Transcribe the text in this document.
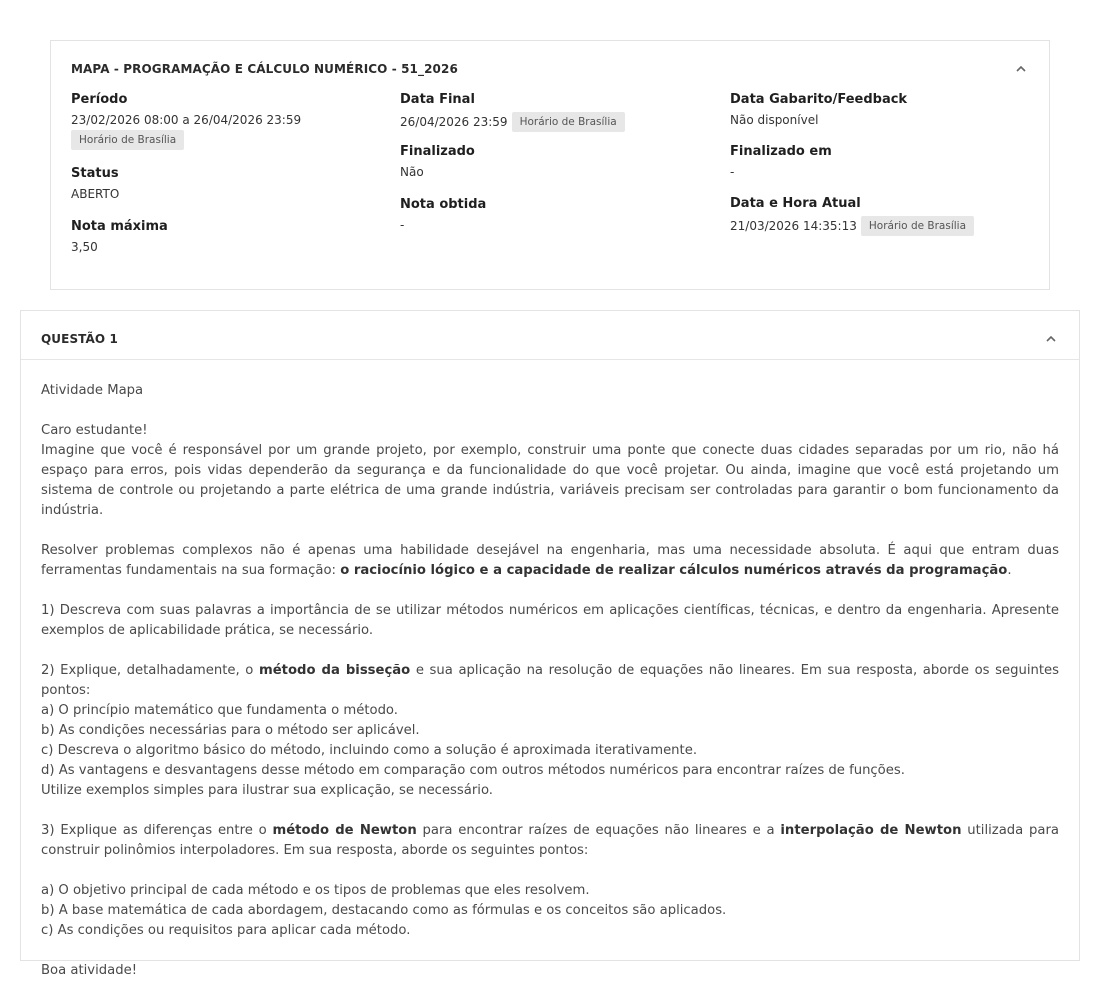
MAPA - PROGRAMAÇÃO E CÁLCULO NUMÉRICO - 51_2026
Período
23/02/2026 08:00 a 26/04/2026 23:59
Horário de Brasília
Status
ABERTO
Nota máxima
3,50
Data Final
26/04/2026 23:59	Horário de Brasília
Finalizado
Não
Nota obtida
-
Data Gabarito/Feedback
Não disponível
Finalizado em
-
Data e Hora Atual
21/03/2026 14:35:13	Horário de Brasília
QUESTÃO 1

Atividade Mapa

Caro estudante!

Imagine que você é responsável por um grande projeto, por exemplo, construir uma ponte que conecte duas cidades separadas por um rio, não há espaço para erros, pois vidas dependerão da segurança e da funcionalidade do que você projetar. Ou ainda, imagine que você está projetando um sistema de controle ou projetando a parte elétrica de uma grande indústria, variáveis precisam ser controladas para garantir o bom funcionamento da indústria.

Resolver problemas complexos não é apenas uma habilidade desejável na engenharia, mas uma necessidade absoluta. É aqui que entram duas ferramentas fundamentais na sua formação: o raciocínio lógico e a capacidade de realizar cálculos numéricos através da programação.

1) Descreva com suas palavras a importância de se utilizar métodos numéricos em aplicações científicas, técnicas, e dentro da engenharia. Apresente exemplos de aplicabilidade prática, se necessário.

2) Explique, detalhadamente, o método da bisseção e sua aplicação na resolução de equações não lineares. Em sua resposta, aborde os seguintes pontos:

a) O princípio matemático que fundamenta o método.

b) As condições necessárias para o método ser aplicável.

c) Descreva o algoritmo básico do método, incluindo como a solução é aproximada iterativamente.

d) As vantagens e desvantagens desse método em comparação com outros métodos numéricos para encontrar raízes de funções.

Utilize exemplos simples para ilustrar sua explicação, se necessário.

3) Explique as diferenças entre o método de Newton para encontrar raízes de equações não lineares e a interpolação de Newton utilizada para construir polinômios interpoladores. Em sua resposta, aborde os seguintes pontos:

a) O objetivo principal de cada método e os tipos de problemas que eles resolvem.

b) A base matemática de cada abordagem, destacando como as fórmulas e os conceitos são aplicados.

c) As condições ou requisitos para aplicar cada método.

Boa atividade!
